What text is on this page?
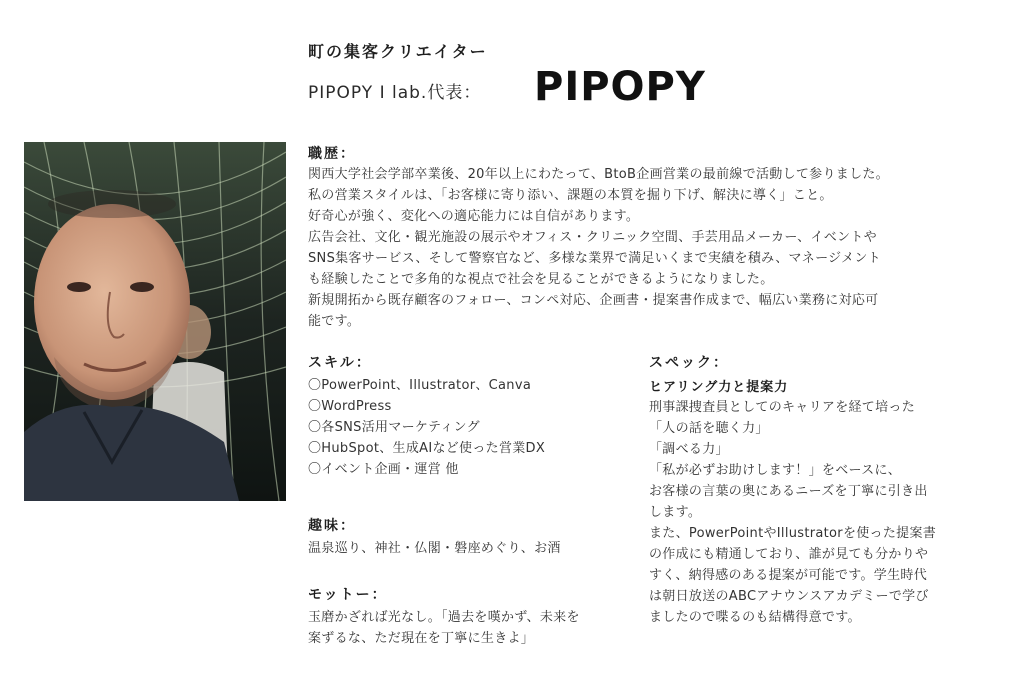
町の集客クリエイター
PIPOPY I lab.代表： PIPOPY
職歴：
関西大学社会学部卒業後、20年以上にわたって、BtoB企画営業の最前線で活動して参りました。
私の営業スタイルは、「お客様に寄り添い、課題の本質を掘り下げ、解決に導く」こと。
好奇心が強く、変化への適応能力には自信があります。
広告会社、文化・観光施設の展示やオフィス・クリニック空間、手芸用品メーカー、イベントや
SNS集客サービス、そして警察官など、多様な業界で満足いくまで実績を積み、マネージメント
も経験したことで多角的な視点で社会を見ることができるようになりました。
新規開拓から既存顧客のフォロー、コンペ対応、企画書・提案書作成まで、幅広い業務に対応可
能です。
スキル：
〇PowerPoint、Illustrator、Canva
〇WordPress
〇各SNS活用マーケティング
〇HubSpot、生成AIなど使った営業DX
〇イベント企画・運営 他
趣味：
温泉巡り、神社・仏閣・磐座めぐり、お酒
モットー：
玉磨かざれば光なし。「過去を嘆かず、未来を
案ずるな、ただ現在を丁寧に生きよ」
スペック：
ヒアリング力と提案力
刑事課捜査員としてのキャリアを経て培った
「人の話を聴く力」
「調べる力」
「私が必ずお助けします！」をベースに、
お客様の言葉の奥にあるニーズを丁寧に引き出
します。
また、PowerPointやIllustratorを使った提案書
の作成にも精通しており、誰が見ても分かりや
すく、納得感のある提案が可能です。学生時代
は朝日放送のABCアナウンスアカデミーで学び
ましたので喋るのも結構得意です。
